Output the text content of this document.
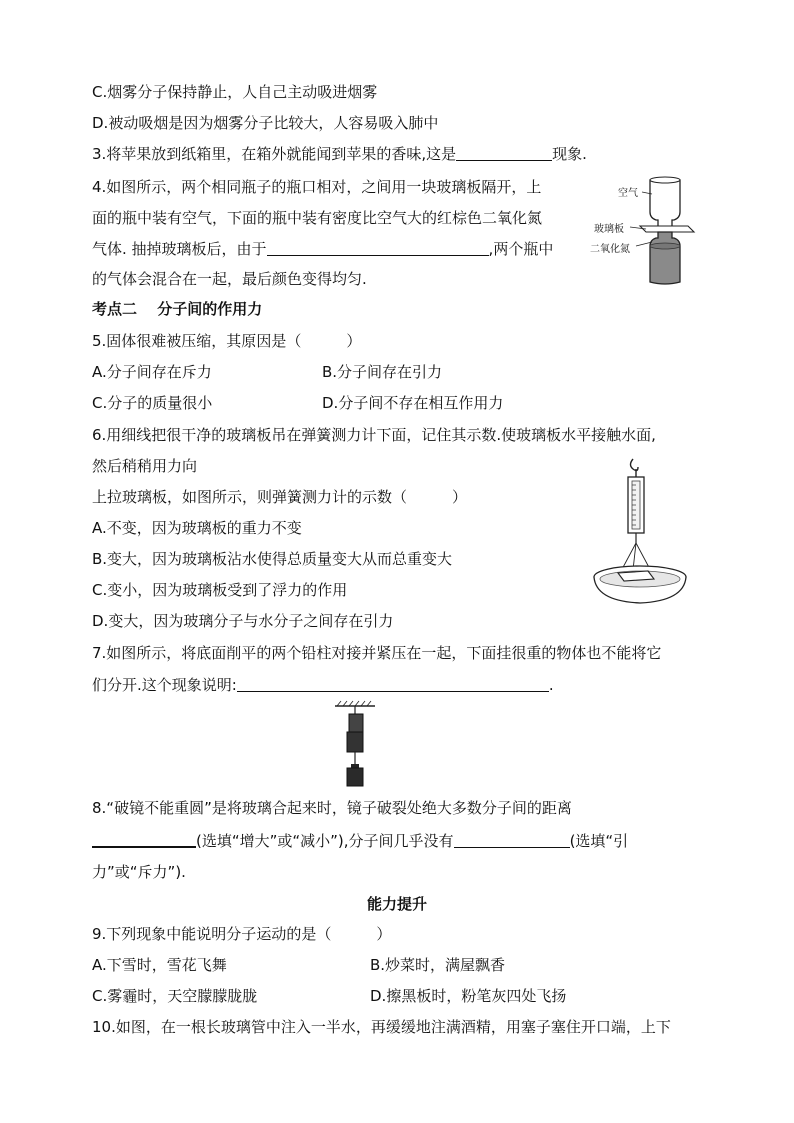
C.烟雾分子保持静止，人自己主动吸进烟雾
D.被动吸烟是因为烟雾分子比较大，人容易吸入肺中
3.将苹果放到纸箱里，在箱外就能闻到苹果的香味,这是	现象.
4.如图所示，两个相同瓶子的瓶口相对，之间用一块玻璃板隔开，上
面的瓶中装有空气，下面的瓶中装有密度比空气大的红棕色二氧化氮
气体. 抽掉玻璃板后，由于	,两个瓶中
的气体会混合在一起，最后颜色变得均匀.
考点二　 分子间的作用力
5.固体很难被压缩，其原因是（　　　）
A.分子间存在斥力	B.分子间存在引力
C.分子的质量很小	D.分子间不存在相互作用力
6.用细线把很干净的玻璃板吊在弹簧测力计下面，记住其示数.使玻璃板水平接触水面,
然后稍稍用力向
上拉玻璃板，如图所示，则弹簧测力计的示数（　　　）
A.不变，因为玻璃板的重力不变
B.变大，因为玻璃板沾水使得总质量变大从而总重变大
C.变小，因为玻璃板受到了浮力的作用
D.变大，因为玻璃分子与水分子之间存在引力
7.如图所示，将底面削平的两个铅柱对接并紧压在一起，下面挂很重的物体也不能将它
们分开.这个现象说明:	.
8.“破镜不能重圆”是将玻璃合起来时，镜子破裂处绝大多数分子间的距离
(选填“增大”或“减小”),分子间几乎没有	(选填“引
力”或“斥力”).
能力提升
9.下列现象中能说明分子运动的是（　　　）
A.下雪时，雪花飞舞	B.炒菜时，满屋飘香
C.雾霾时，天空朦朦胧胧	D.擦黑板时，粉笔灰四处飞扬
10.如图，在一根长玻璃管中注入一半水，再缓缓地注满酒精，用塞子塞住开口端，上下
空气
玻璃板
二氧化氮
